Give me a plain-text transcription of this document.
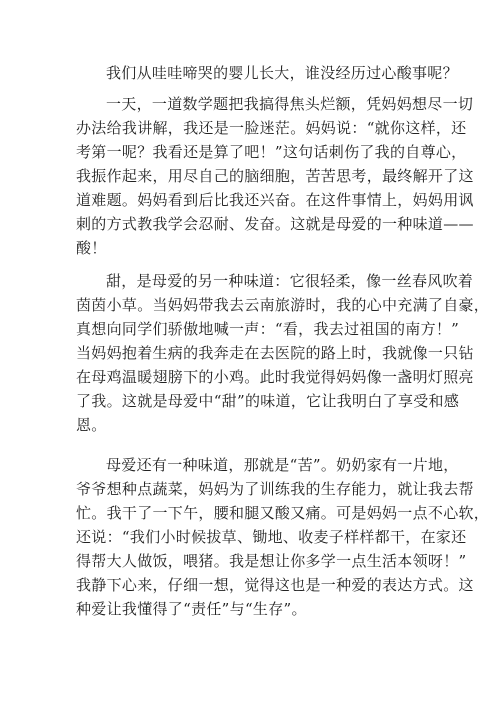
我们从哇哇啼哭的婴儿长大，谁没经历过心酸事呢？
一天，一道数学题把我搞得焦头烂额，凭妈妈想尽一切
办法给我讲解，我还是一脸迷茫。妈妈说：“就你这样，还
考第一呢？我看还是算了吧！”这句话刺伤了我的自尊心，
我振作起来，用尽自己的脑细胞，苦苦思考，最终解开了这
道难题。妈妈看到后比我还兴奋。在这件事情上，妈妈用讽
刺的方式教我学会忍耐、发奋。这就是母爱的一种味道——
酸！
甜，是母爱的另一种味道：它很轻柔，像一丝春风吹着
茵茵小草。当妈妈带我去云南旅游时，我的心中充满了自豪，
真想向同学们骄傲地喊一声：“看，我去过祖国的南方！”
当妈妈抱着生病的我奔走在去医院的路上时，我就像一只钻
在母鸡温暖翅膀下的小鸡。此时我觉得妈妈像一盏明灯照亮
了我。这就是母爱中“甜”的味道，它让我明白了享受和感
恩。
母爱还有一种味道，那就是“苦”。奶奶家有一片地，
爷爷想种点蔬菜，妈妈为了训练我的生存能力，就让我去帮
忙。我干了一下午，腰和腿又酸又痛。可是妈妈一点不心软，
还说：“我们小时候拔草、锄地、收麦子样样都干，在家还
得帮大人做饭，喂猪。我是想让你多学一点生活本领呀！”
我静下心来，仔细一想，觉得这也是一种爱的表达方式。这
种爱让我懂得了“责任”与“生存”。
